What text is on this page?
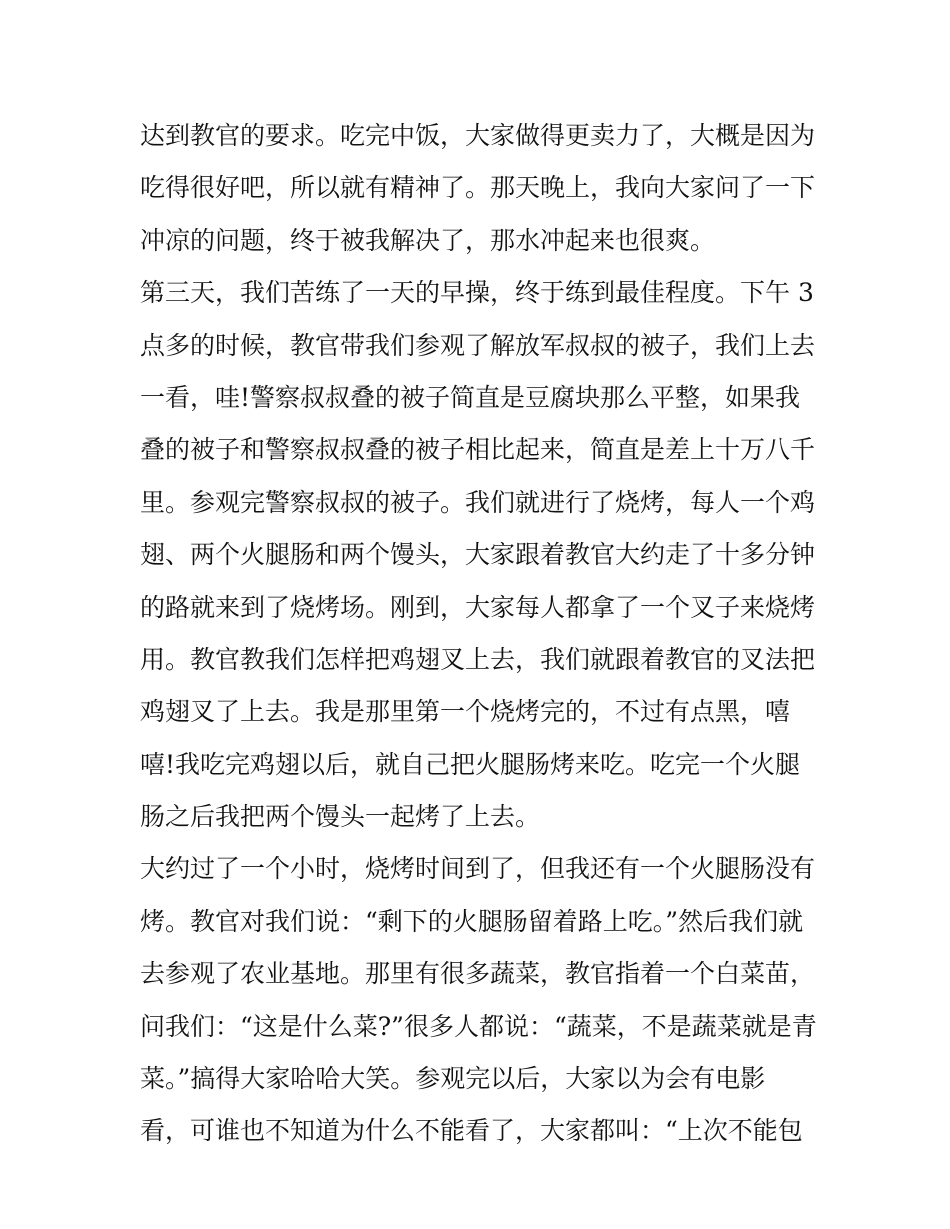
达到教官的要求。吃完中饭，大家做得更卖力了，大概是因为
吃得很好吧，所以就有精神了。那天晚上，我向大家问了一下
冲凉的问题，终于被我解决了，那水冲起来也很爽。
第三天，我们苦练了一天的早操，终于练到最佳程度。下午 3
点多的时候，教官带我们参观了解放军叔叔的被子，我们上去
一看，哇!警察叔叔叠的被子简直是豆腐块那么平整，如果我
叠的被子和警察叔叔叠的被子相比起来，简直是差上十万八千
里。参观完警察叔叔的被子。我们就进行了烧烤，每人一个鸡
翅、两个火腿肠和两个馒头，大家跟着教官大约走了十多分钟
的路就来到了烧烤场。刚到，大家每人都拿了一个叉子来烧烤
用。教官教我们怎样把鸡翅叉上去，我们就跟着教官的叉法把
鸡翅叉了上去。我是那里第一个烧烤完的，不过有点黑，嘻
嘻!我吃完鸡翅以后，就自己把火腿肠烤来吃。吃完一个火腿
肠之后我把两个馒头一起烤了上去。
大约过了一个小时，烧烤时间到了，但我还有一个火腿肠没有
烤。教官对我们说：“剩下的火腿肠留着路上吃。”然后我们就
去参观了农业基地。那里有很多蔬菜，教官指着一个白菜苗，
问我们：“这是什么菜?”很多人都说：“蔬菜，不是蔬菜就是青
菜。”搞得大家哈哈大笑。参观完以后，大家以为会有电影
看，可谁也不知道为什么不能看了，大家都叫：“上次不能包
